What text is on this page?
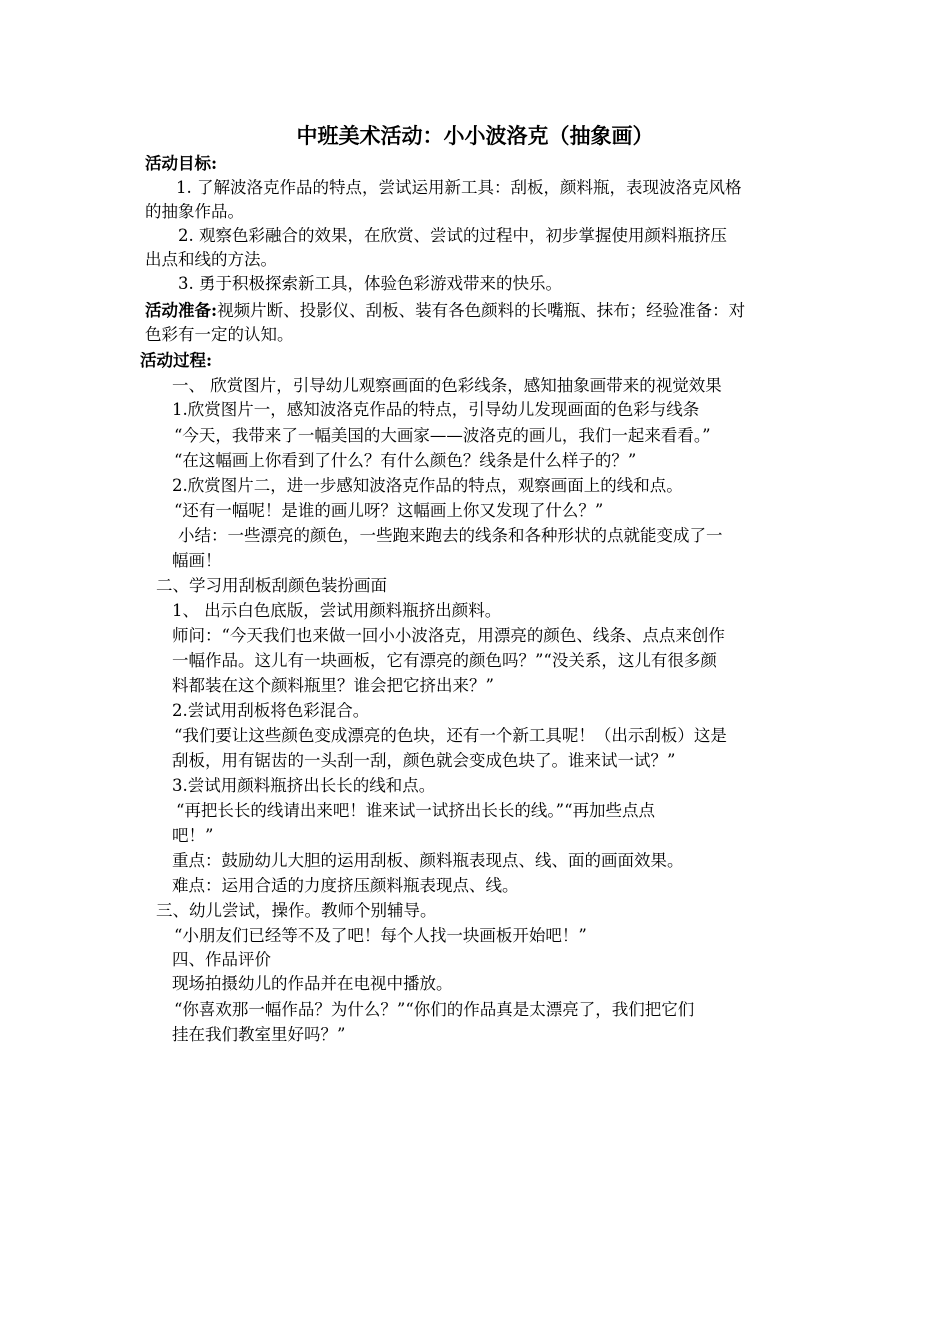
中班美术活动：小小波洛克（抽象画）
活动目标:
1. 了解波洛克作品的特点，尝试运用新工具：刮板，颜料瓶，表现波洛克风格
的抽象作品。
2. 观察色彩融合的效果，在欣赏、尝试的过程中，初步掌握使用颜料瓶挤压
出点和线的方法。
3. 勇于积极探索新工具，体验色彩游戏带来的快乐。
活动准备:视频片断、投影仪、刮板、装有各色颜料的长嘴瓶、抹布；经验准备：对
色彩有一定的认知。
活动过程:
一、 欣赏图片，引导幼儿观察画面的色彩线条，感知抽象画带来的视觉效果
1.欣赏图片一，感知波洛克作品的特点，引导幼儿发现画面的色彩与线条
“今天，我带来了一幅美国的大画家——波洛克的画儿，我们一起来看看。”
“在这幅画上你看到了什么？有什么颜色？线条是什么样子的？”
2.欣赏图片二，进一步感知波洛克作品的特点，观察画面上的线和点。
“还有一幅呢！是谁的画儿呀？这幅画上你又发现了什么？”
小结：一些漂亮的颜色，一些跑来跑去的线条和各种形状的点就能变成了一
幅画！
二、学习用刮板刮颜色装扮画面
1、 出示白色底版，尝试用颜料瓶挤出颜料。
师问：“今天我们也来做一回小小波洛克，用漂亮的颜色、线条、点点来创作
一幅作品。这儿有一块画板，它有漂亮的颜色吗？”“没关系，这儿有很多颜
料都装在这个颜料瓶里？谁会把它挤出来？”
2.尝试用刮板将色彩混合。
“我们要让这些颜色变成漂亮的色块，还有一个新工具呢！（出示刮板）这是
刮板，用有锯齿的一头刮一刮，颜色就会变成色块了。谁来试一试？”
3.尝试用颜料瓶挤出长长的线和点。
“再把长长的线请出来吧！谁来试一试挤出长长的线。”“再加些点点
吧！”
重点：鼓励幼儿大胆的运用刮板、颜料瓶表现点、线、面的画面效果。
难点：运用合适的力度挤压颜料瓶表现点、线。
三、幼儿尝试，操作。教师个别辅导。
“小朋友们已经等不及了吧！每个人找一块画板开始吧！”
四、作品评价
现场拍摄幼儿的作品并在电视中播放。
“你喜欢那一幅作品？为什么？”“你们的作品真是太漂亮了，我们把它们
挂在我们教室里好吗？”
